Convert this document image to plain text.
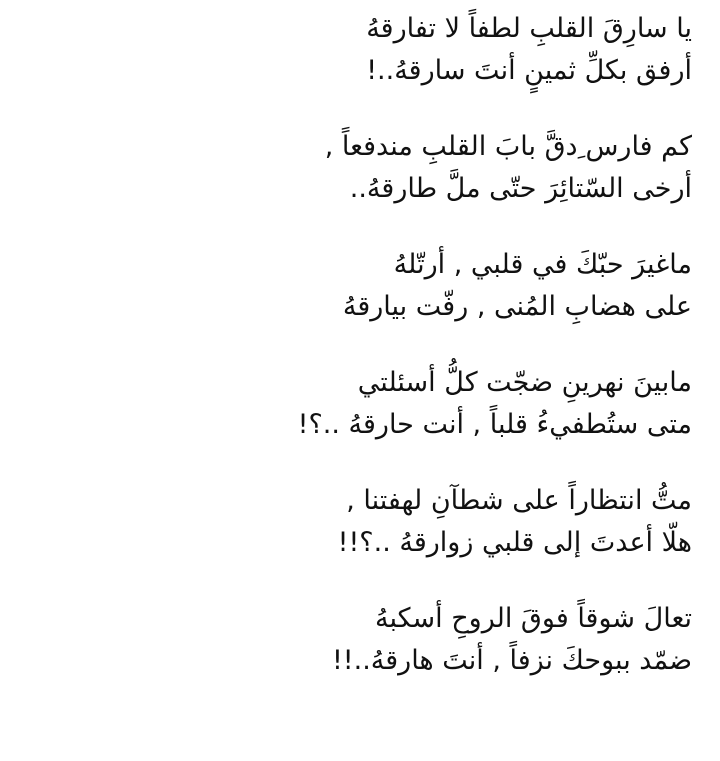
يا سارِقَ القلبِ لطفاً لا تفارقهُ
أرفق بكلِّ ثمينٍ أنتَ سارقهُ..!
كم فارس ِدقَّ بابَ القلبِ مندفعاً ,
أرخى السّتائِرَ حتّى ملَّ طارقهُ..
ماغيرَ حبّكَ في قلبي , أرتّلهُ
على هضابِ المُنى , رفّت بيارقهُ
مابينَ نهرينِ ضجّت كلُّ أسئلتي
متى ستُطفيءُ قلباً , أنت حارقهُ ..؟!
متُّ انتظاراً على شطآنِ لهفتنا ,
هلّا أعدتَ إلى قلبي زوارقهُ ..؟!!
تعالَ شوقاً فوقَ الروحِ أسكبهُ
ضمّد ببوحكَ نزفاً , أنتَ هارقهُ..!!
